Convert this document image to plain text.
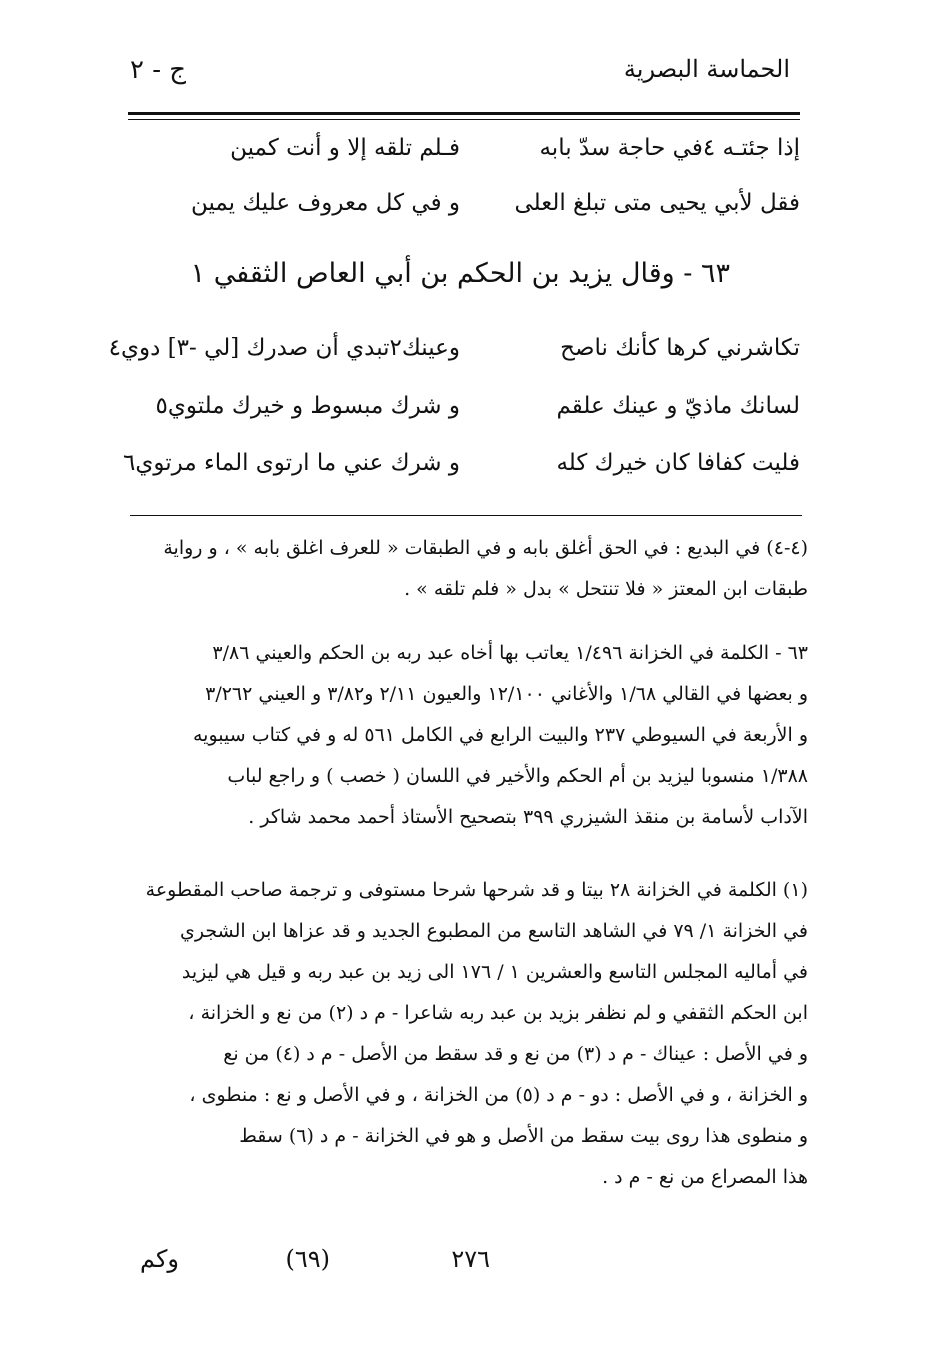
الحماسة البصرية
ج - ٢
إذا جئتـه ٤في حاجة سدّ بابه
فـلم تلقه إلا و أنت كمين
فقل لأبي يحيى متى تبلغ العلى
و في كل معروف عليك يمين
٦٣ - وقال يزيد بن الحكم بن أبي العاص الثقفي ١
تكاشرني كرها كأنك ناصح
وعينك٢تبدي أن صدرك [لي -٣] دوي٤
لسانك ماذيّ و عينك علقم
و شرك مبسوط و خيرك ملتوي٥
فليت كفافا كان خيرك كله
و شرك عني ما ارتوى الماء مرتوي٦
(٤-٤) في البديع : في الحق أغلق بابه و في الطبقات « للعرف اغلق بابه » ، و رواية
طبقات ابن المعتز « فلا تنتحل » بدل « فلم تلقه » .
٦٣ - الكلمة في الخزانة ١/٤٩٦ يعاتب بها أخاه عبد ربه بن الحكم والعيني ٣/٨٦
و بعضها في القالي ١/٦٨ والأغاني ١٢/١٠٠ والعيون ٢/١١ و٣/٨٢ و العيني ٣/٢٦٢
و الأربعة في السيوطي ٢٣٧ والبيت الرابع في الكامل ٥٦١ له و في كتاب سيبويه
١/٣٨٨ منسوبا ليزيد بن أم الحكم والأخير في اللسان ( خصب ) و راجع لباب
الآداب لأسامة بن منقذ الشيزري ٣٩٩ بتصحيح الأستاذ أحمد محمد شاكر .
(١) الكلمة في الخزانة ٢٨ بيتا و قد شرحها شرحا مستوفى و ترجمة صاحب المقطوعة
في الخزانة ١/ ٧٩ في الشاهد التاسع من المطبوع الجديد و قد عزاها ابن الشجري
في أماليه المجلس التاسع والعشرين ١ / ١٧٦ الى زيد بن عبد ربه و قيل هي ليزيد
ابن الحكم الثقفي و لم نظفر بزيد بن عبد ربه شاعرا - م د (٢) من نع و الخزانة ،
و في الأصل : عيناك - م د (٣) من نع و قد سقط من الأصل - م د (٤) من نع
و الخزانة ، و في الأصل : دو - م د (٥) من الخزانة ، و في الأصل و نع : منطوى ،
و منطوى هذا روى بيت سقط من الأصل و هو في الخزانة - م د (٦) سقط
هذا المصراع من نع - م د .
٢٧٦
(٦٩)
وكم
